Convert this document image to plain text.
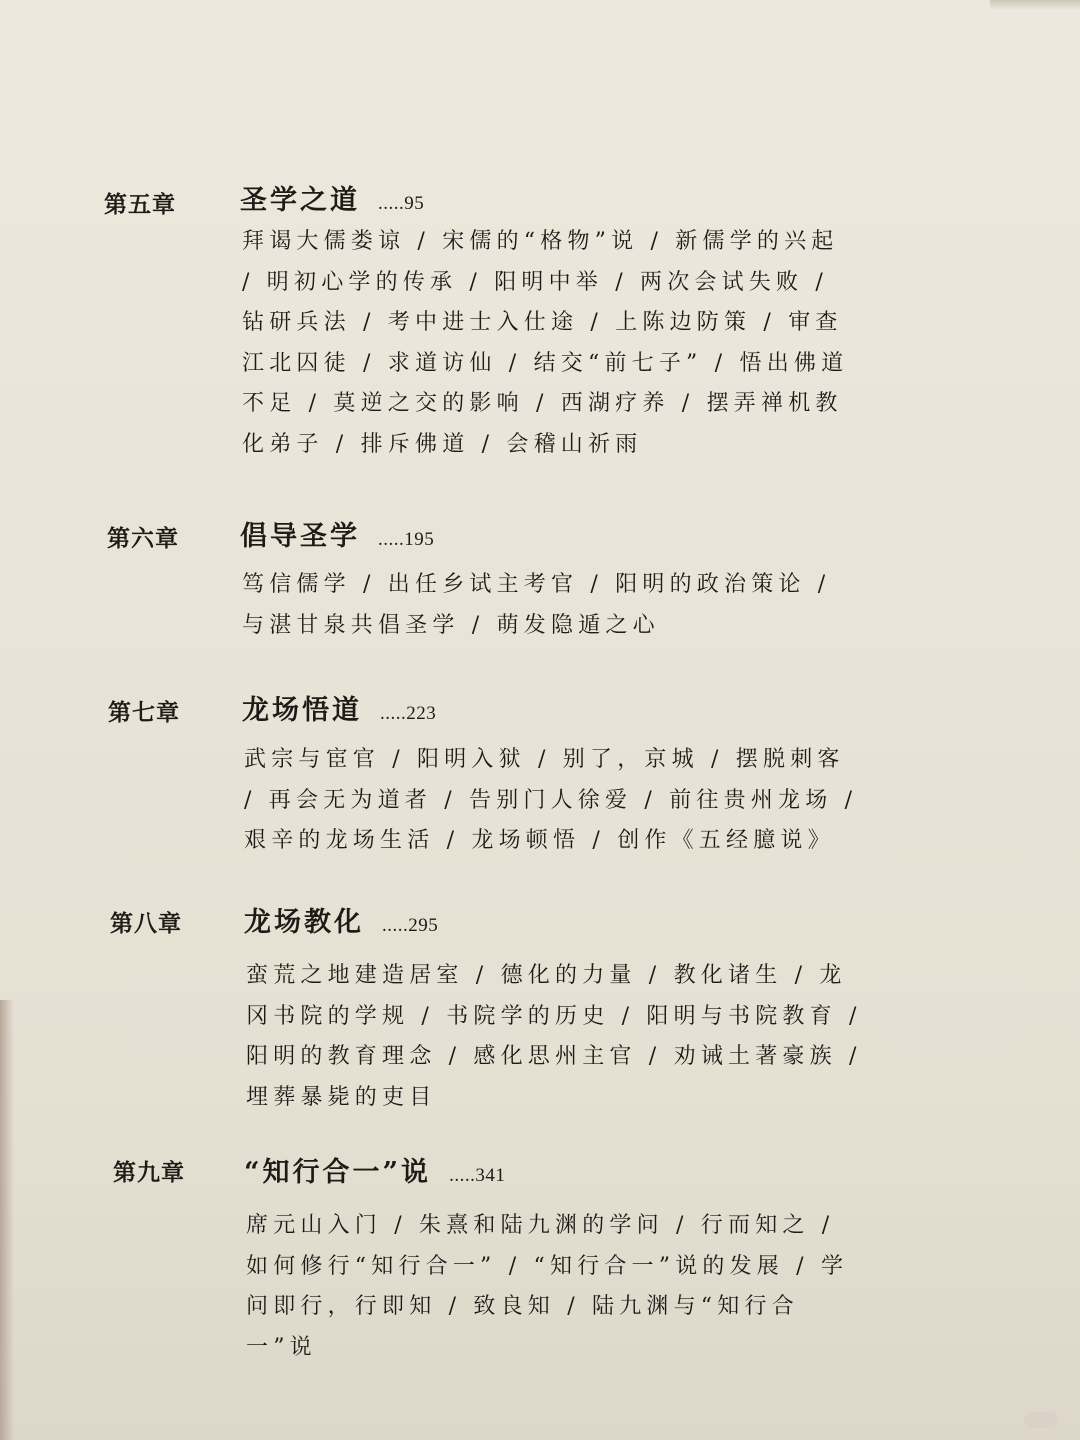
第五章 圣学之道 .....95
拜谒大儒娄谅 / 宋儒的“格物”说 / 新儒学的兴起 / 明初心学的传承 / 阳明中举 / 两次会试失败 / 钻研兵法 / 考中进士入仕途 / 上陈边防策 / 审查江北囚徒 / 求道访仙 / 结交“前七子” / 悟出佛道不足 / 莫逆之交的影响 / 西湖疗养 / 摆弄禅机教化弟子 / 排斥佛道 / 会稽山祈雨
第六章 倡导圣学 .....195
笃信儒学 / 出任乡试主考官 / 阳明的政治策论 / 与湛甘泉共倡圣学 / 萌发隐遁之心
第七章 龙场悟道 .....223
武宗与宦官 / 阳明入狱 / 别了，京城 / 摆脱刺客 / 再会无为道者 / 告别门人徐爱 / 前往贵州龙场 / 艰辛的龙场生活 / 龙场顿悟 / 创作《五经臆说》
第八章 龙场教化 .....295
蛮荒之地建造居室 / 德化的力量 / 教化诸生 / 龙冈书院的学规 / 书院学的历史 / 阳明与书院教育 / 阳明的教育理念 / 感化思州主官 / 劝诫土著豪族 / 埋葬暴毙的吏目
第九章 “知行合一”说 .....341
席元山入门 / 朱熹和陆九渊的学问 / 行而知之 / 如何修行“知行合一” / “知行合一”说的发展 / 学问即行，行即知 / 致良知 / 陆九渊与“知行合一”说
